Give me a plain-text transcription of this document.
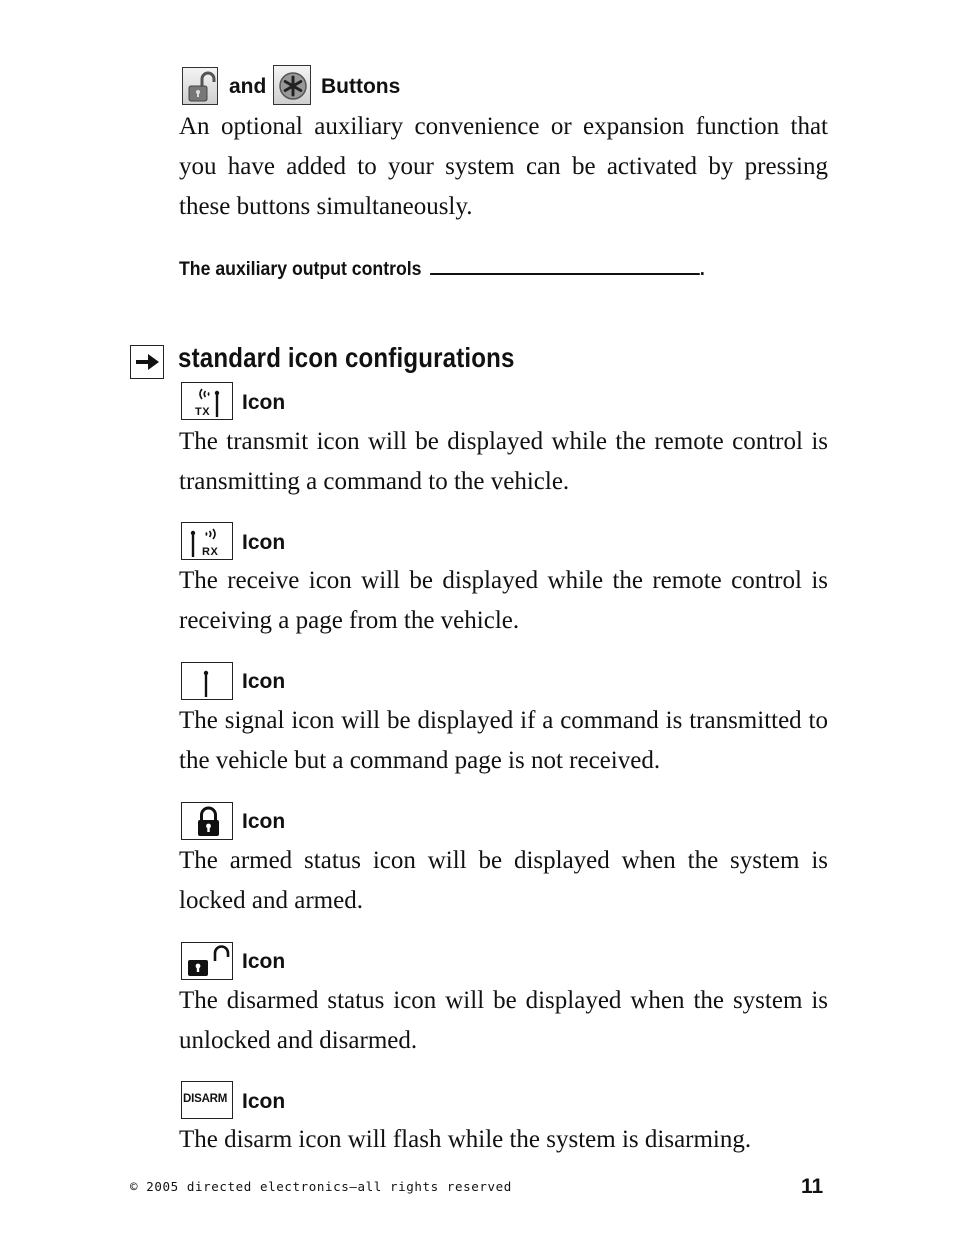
and	Buttons

An optional auxiliary convenience or expansion function that you have added to your system can be activated by pressing these buttons simultaneously.

The auxiliary output controls	.
standard icon configurations
TX Icon

The transmit icon will be displayed while the remote control is transmitting a command to the vehicle.

RX Icon

The receive icon will be displayed while the remote control is receiving a page from the vehicle.

Icon

The signal icon will be displayed if a command is transmitted to the vehicle but a command page is not received.

Icon

The armed status icon will be displayed when the system is locked and armed.

Icon

The disarmed status icon will be displayed when the system is unlocked and disarmed.

DISARM Icon

The disarm icon will flash while the system is disarming.

© 2005 directed electronics—all rights reserved	11
